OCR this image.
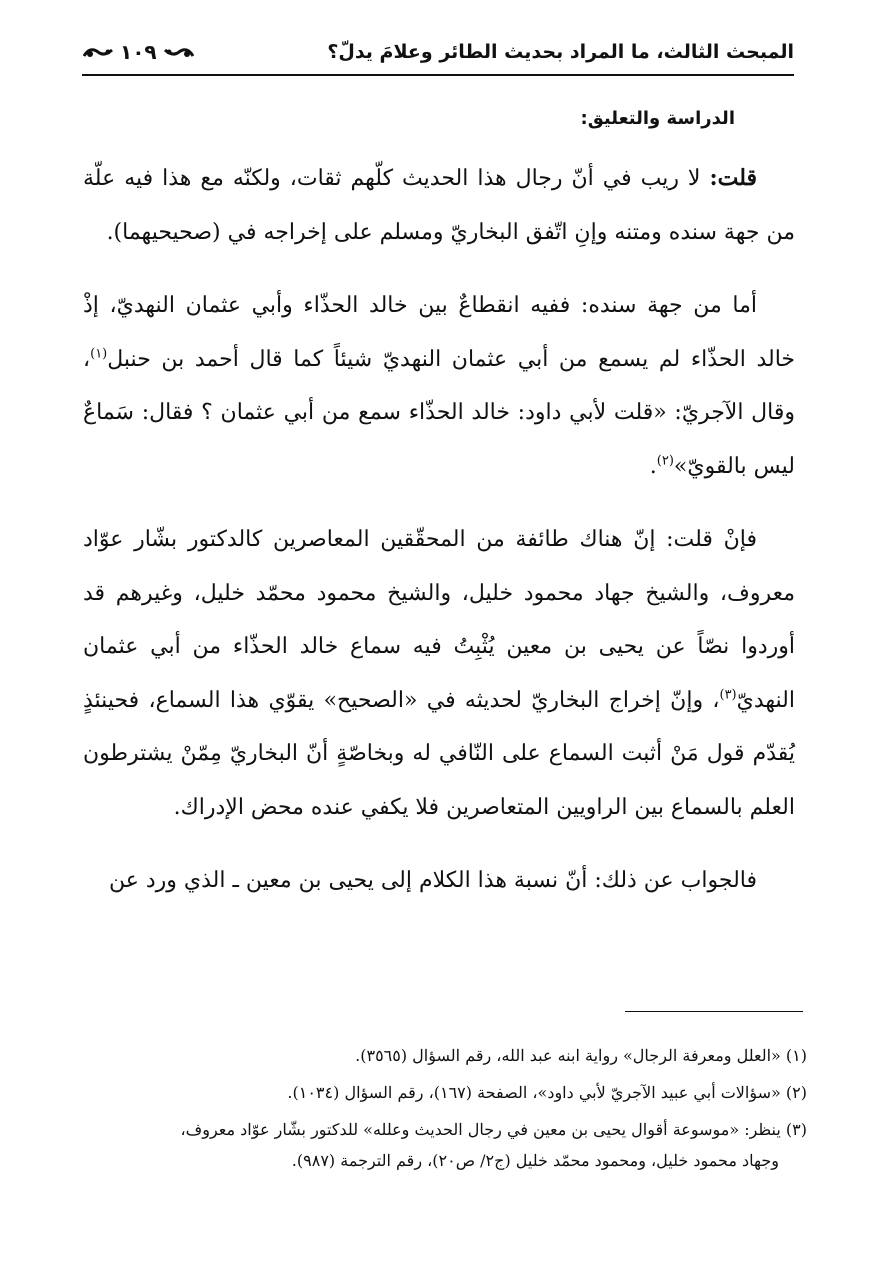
المبحث الثالث، ما المراد بحديث الطائر وعلامَ يدلّ؟
١٠٩
الدراسة والتعليق:

قلت: لا ريب في أنّ رجال هذا الحديث كلّهم ثقات، ولكنّه مع هذا فيه علّة من جهة سنده ومتنه وإنِ اتّفق البخاريّ ومسلم على إخراجه في (صحيحيهما).

أما من جهة سنده: ففيه انقطاعٌ بين خالد الحذّاء وأبي عثمان النهديّ، إذْ خالد الحذّاء لم يسمع من أبي عثمان النهديّ شيئاً كما قال أحمد بن حنبل$^{(١)}$، وقال الآجريّ: «قلت لأبي داود: خالد الحذّاء سمع من أبي عثمان ؟ فقال: سَماعٌ ليس بالقويّ»$^{(٢)}$.

فإنْ قلت: إنّ هناك طائفة من المحقّقين المعاصرين كالدكتور بشّار عوّاد معروف، والشيخ جهاد محمود خليل، والشيخ محمود محمّد خليل، وغيرهم قد أوردوا نصّاً عن يحيى بن معين يُثْبِتُ فيه سماع خالد الحذّاء من أبي عثمان النهديّ$^{(٣)}$، وإنّ إخراج البخاريّ لحديثه في «الصحيح» يقوّي هذا السماع، فحينئذٍ يُقدّم قول مَنْ أثبت السماع على النّافي له وبخاصّةٍ أنّ البخاريّ مِمّنْ يشترطون العلم بالسماع بين الراويين المتعاصرين فلا يكفي عنده محض الإدراك.

فالجواب عن ذلك: أنّ نسبة هذا الكلام إلى يحيى بن معين ـ الذي ورد عن

(١) «العلل ومعرفة الرجال» رواية ابنه عبد الله، رقم السؤال (٣٥٦٥).

(٢) «سؤالات أبي عبيد الآجريّ لأبي داود»، الصفحة (١٦٧)، رقم السؤال (١٠٣٤).

(٣) ينظر: «موسوعة أقوال يحيى بن معين في رجال الحديث وعلله» للدكتور بشّار عوّاد معروف،
وجهاد محمود خليل، ومحمود محمّد خليل (ج٢/ ص٢٠)، رقم الترجمة (٩٨٧).
